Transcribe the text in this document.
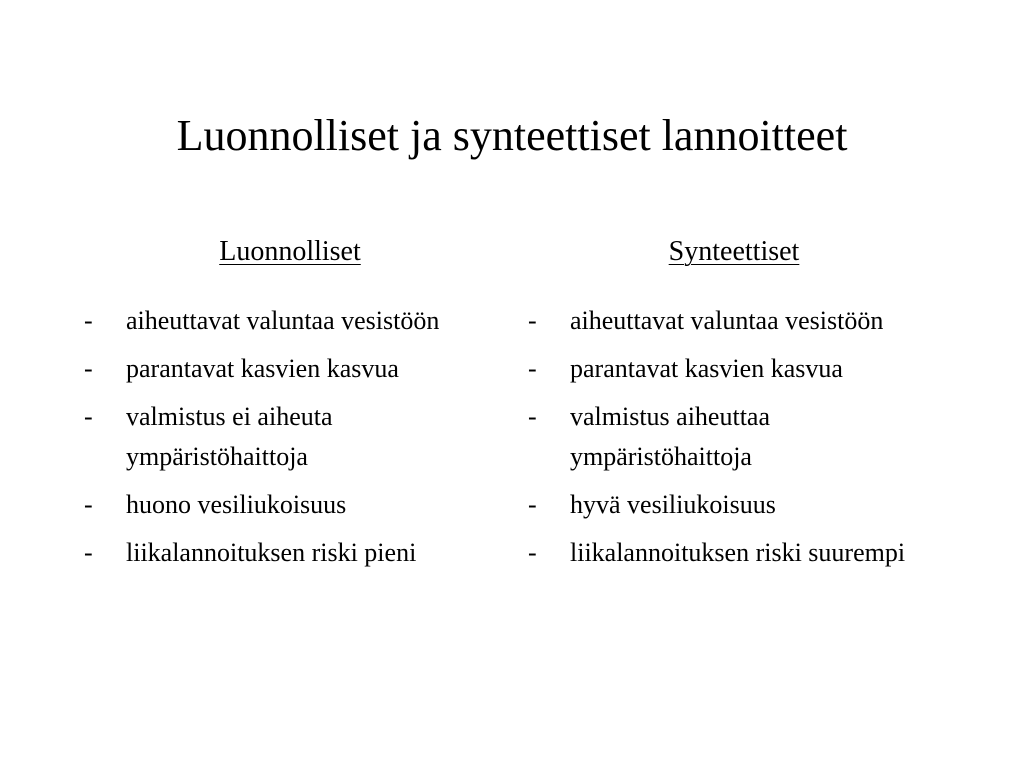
Luonnolliset ja synteettiset lannoitteet
Luonnolliset
- aiheuttavat valuntaa vesistöön
- parantavat kasvien kasvua
- valmistus ei aiheuta ympäristöhaittoja
- huono vesiliukoisuus
- liikalannoituksen riski pieni
Synteettiset
- aiheuttavat valuntaa vesistöön
- parantavat kasvien kasvua
- valmistus aiheuttaa ympäristöhaittoja
- hyvä vesiliukoisuus
- liikalannoituksen riski suurempi
